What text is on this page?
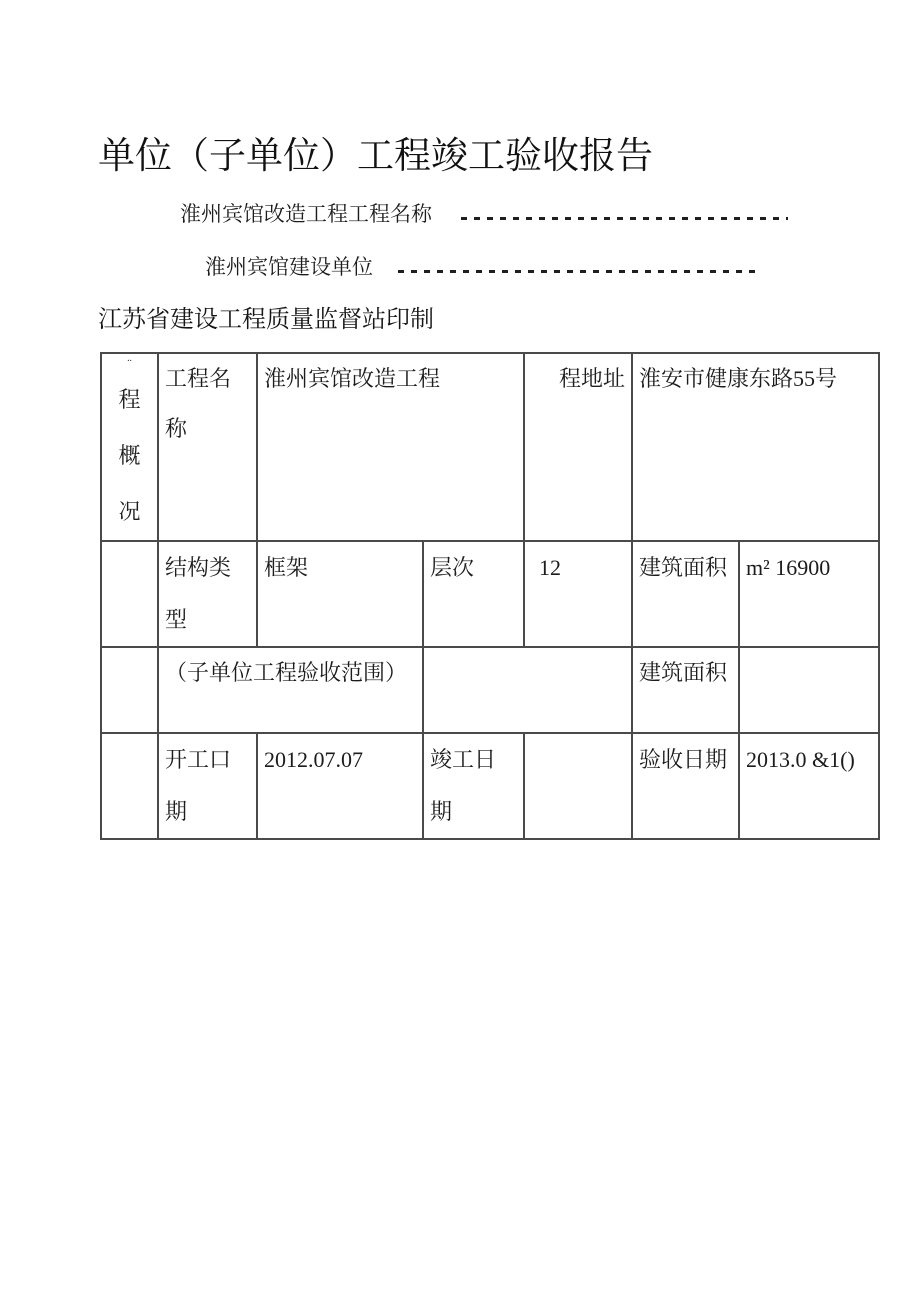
单位（子单位）工程竣工验收报告
淮州宾馆改造工程工程名称
淮州宾馆建设单位
江苏省建设工程质量监督站印制
¨
程
概
况	工程名称	淮州宾馆改造工程		程地址	淮安市健康东路55号	
	结构类型	框架	层次	12	建筑面积	m² 16900
	（子单位工程验收范围）				建筑面积	
	开工口期	2012.07.07	竣工日期		验收日期	2013.0 &1()
